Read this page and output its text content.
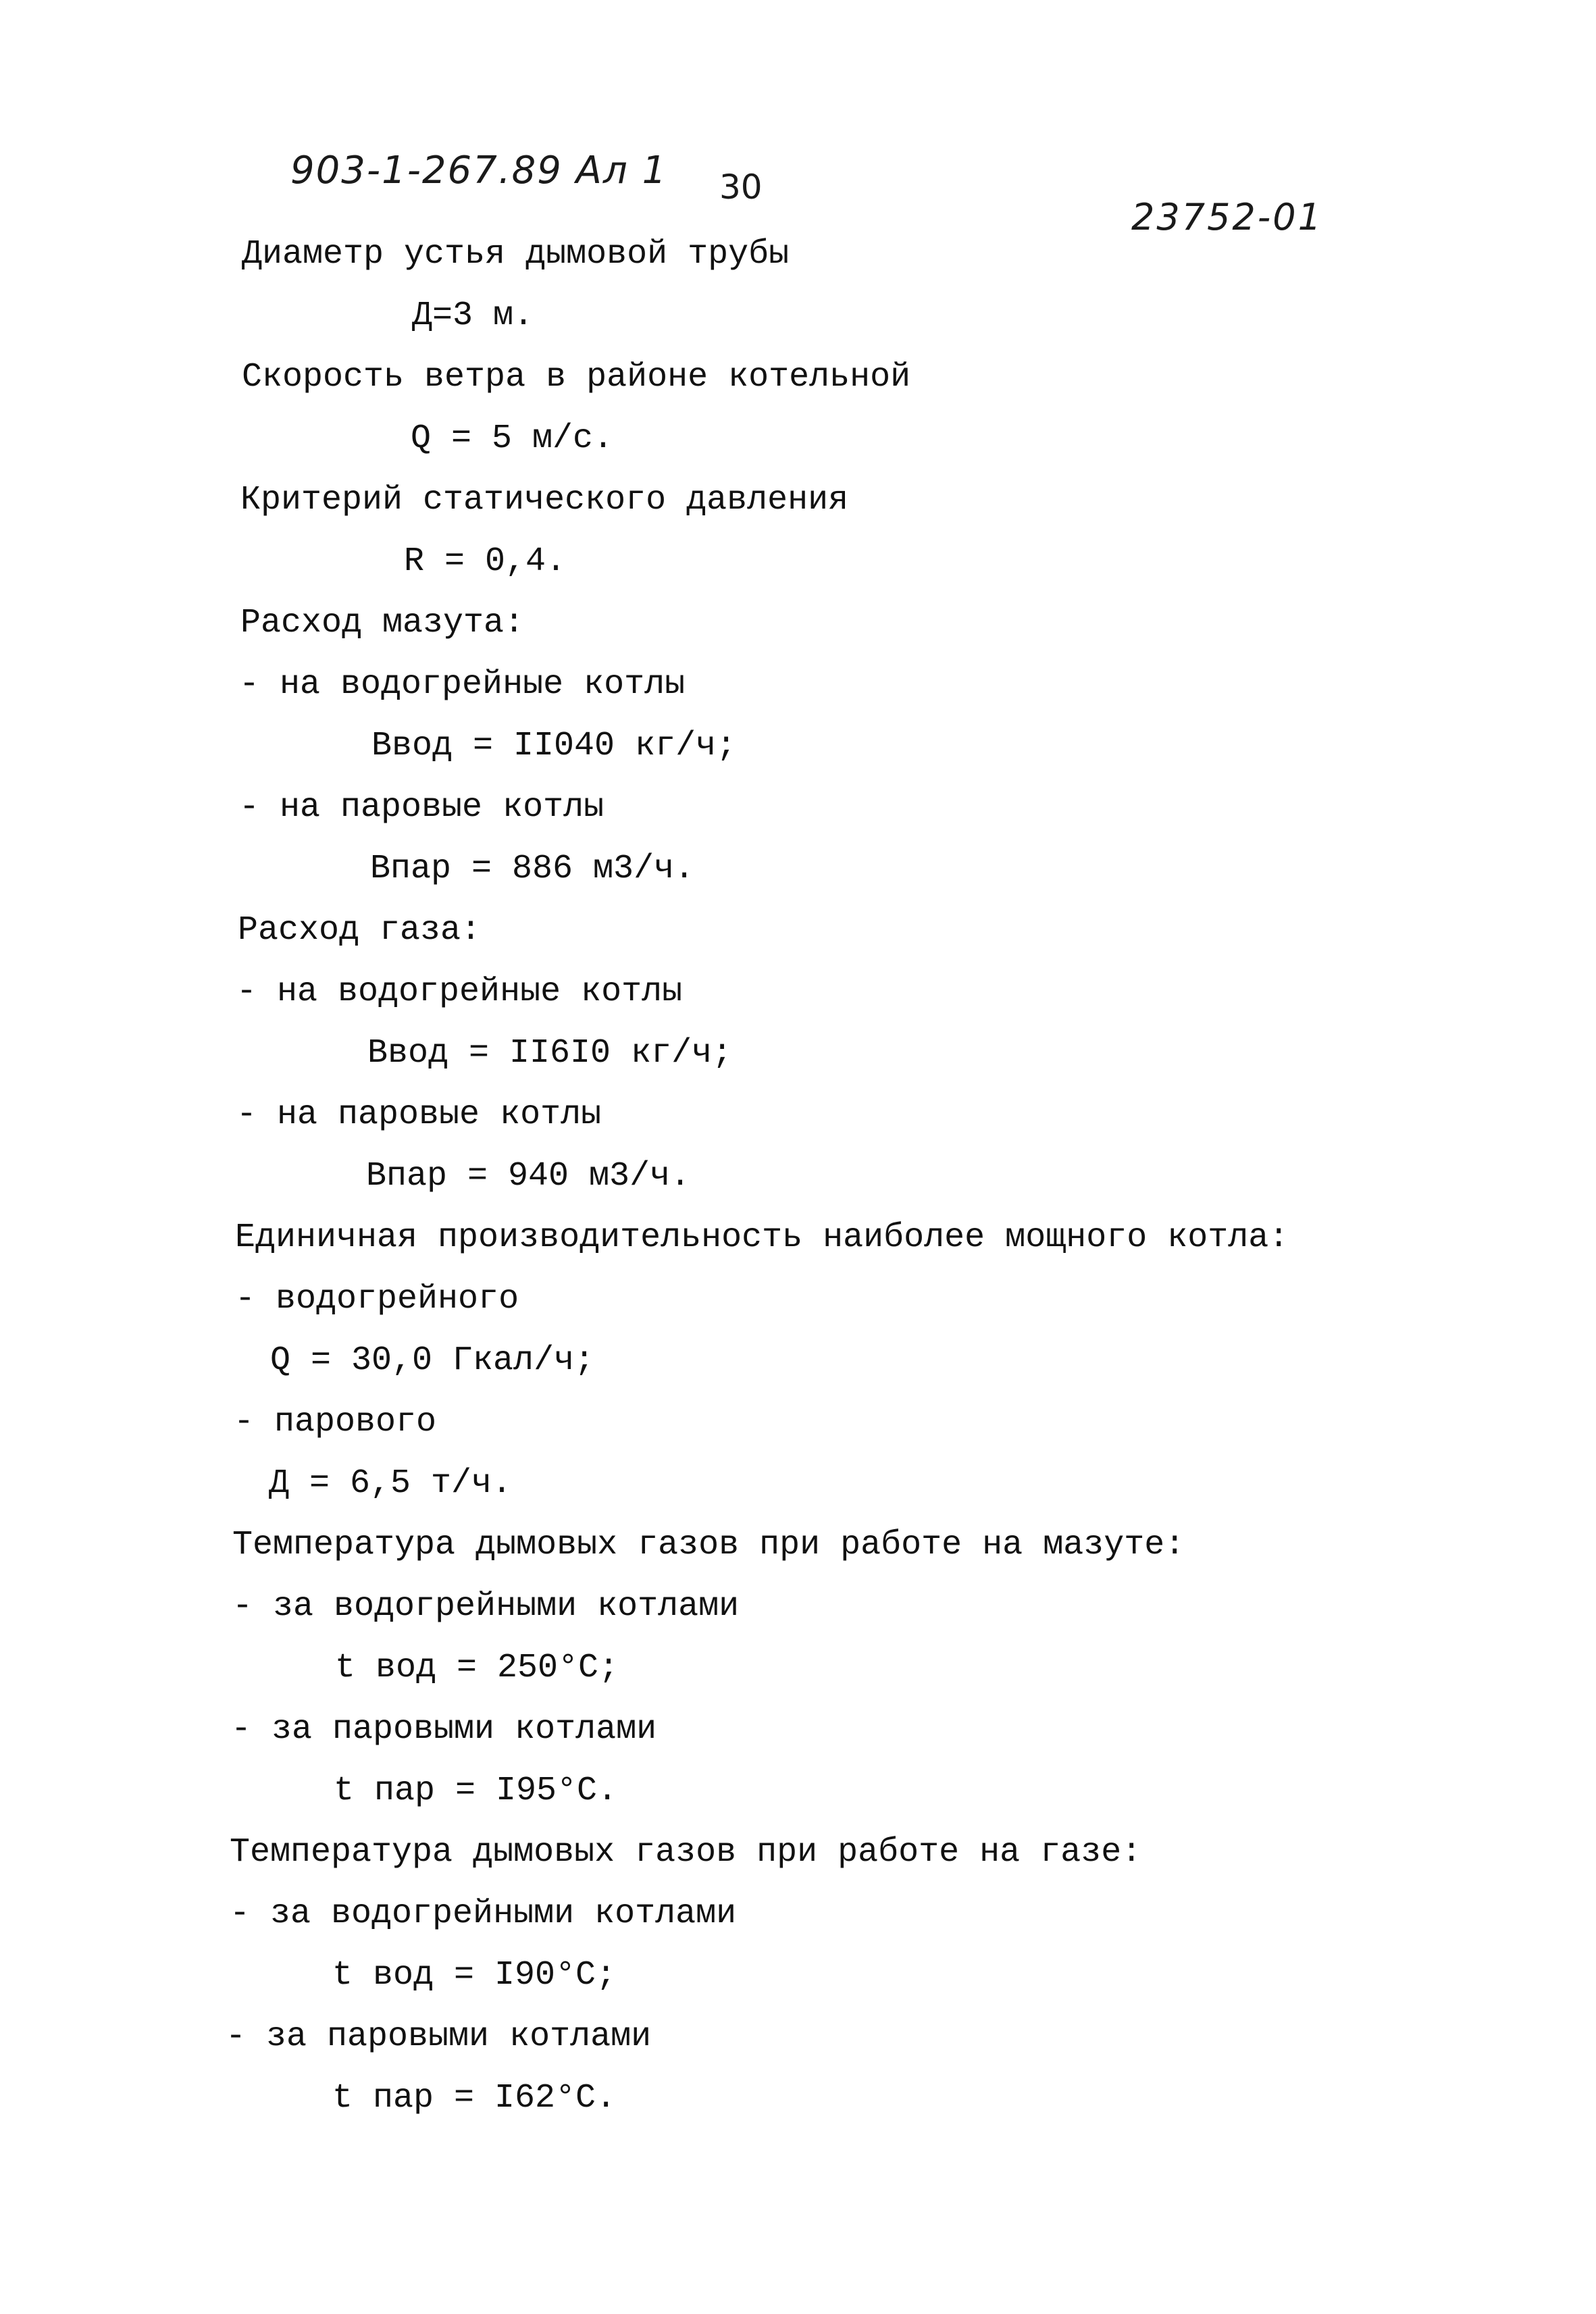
903-1-267.89 Ал 1 30
23752-01
Диаметр устья дымовой трубы
Д=3 м.
Скорость ветра в районе котельной
Q = 5 м/с.
Критерий статического давления
R = 0,4.
Расход мазута:
- на водогрейные котлы
Bвод = II040 кг/ч;
- на паровые котлы
Bпар = 886 м3/ч.
Расход газа:
- на водогрейные котлы
Bвод = II6I0 кг/ч;
- на паровые котлы
Bпар = 940 м3/ч.
Единичная производительность наиболее мощного котла:
- водогрейного
Q = 30,0 Гкал/ч;
- парового
Д = 6,5 т/ч.
Температура дымовых газов при работе на мазуте:
- за водогрейными котлами
t вод = 250°С;
- за паровыми котлами
t пар = I95°С.
Температура дымовых газов при работе на газе:
- за водогрейными котлами
t вод = I90°С;
- за паровыми котлами
t пар = I62°С.
